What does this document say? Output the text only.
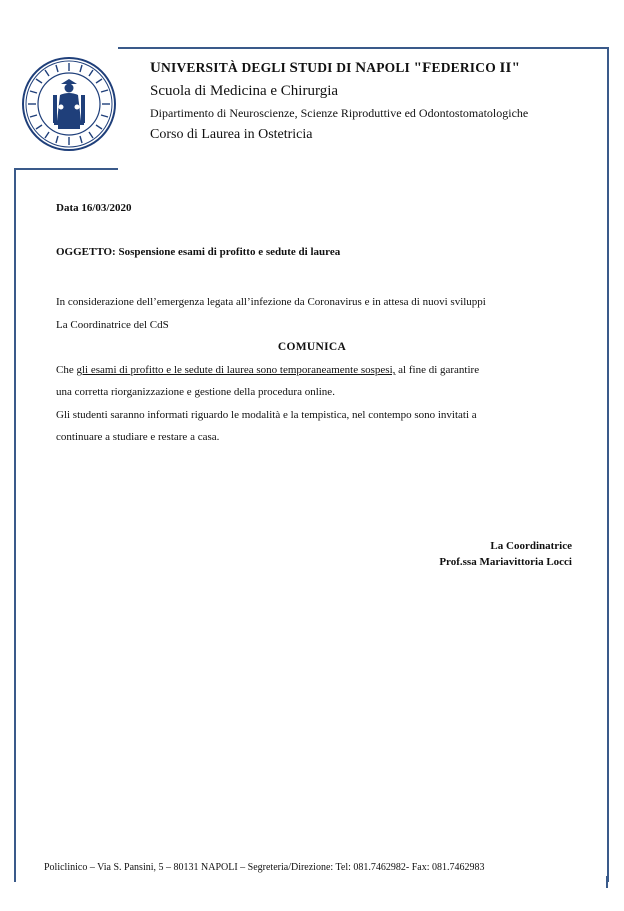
UNIVERSITÀ DEGLI STUDI DI NAPOLI "FEDERICO II"
Scuola di Medicina e Chirurgia
Dipartimento di Neuroscienze, Scienze Riproduttive ed Odontostomatologiche
Corso di Laurea in Ostetricia
Data 16/03/2020
OGGETTO: Sospensione esami di profitto e sedute di laurea
In considerazione dell’emergenza legata all’infezione da Coronavirus e in attesa di nuovi sviluppi
La Coordinatrice del CdS
COMUNICA
Che gli esami di profitto e le sedute di laurea sono temporaneamente sospesi, al fine di garantire
una corretta riorganizzazione e gestione della procedura online.
Gli studenti saranno informati riguardo le modalità e la tempistica, nel contempo sono invitati a
continuare a studiare e restare a casa.
La Coordinatrice
Prof.ssa Mariavittoria Locci
Policlinico – Via S. Pansini, 5 – 80131 NAPOLI – Segreteria/Direzione: Tel: 081.7462982- Fax: 081.7462983
